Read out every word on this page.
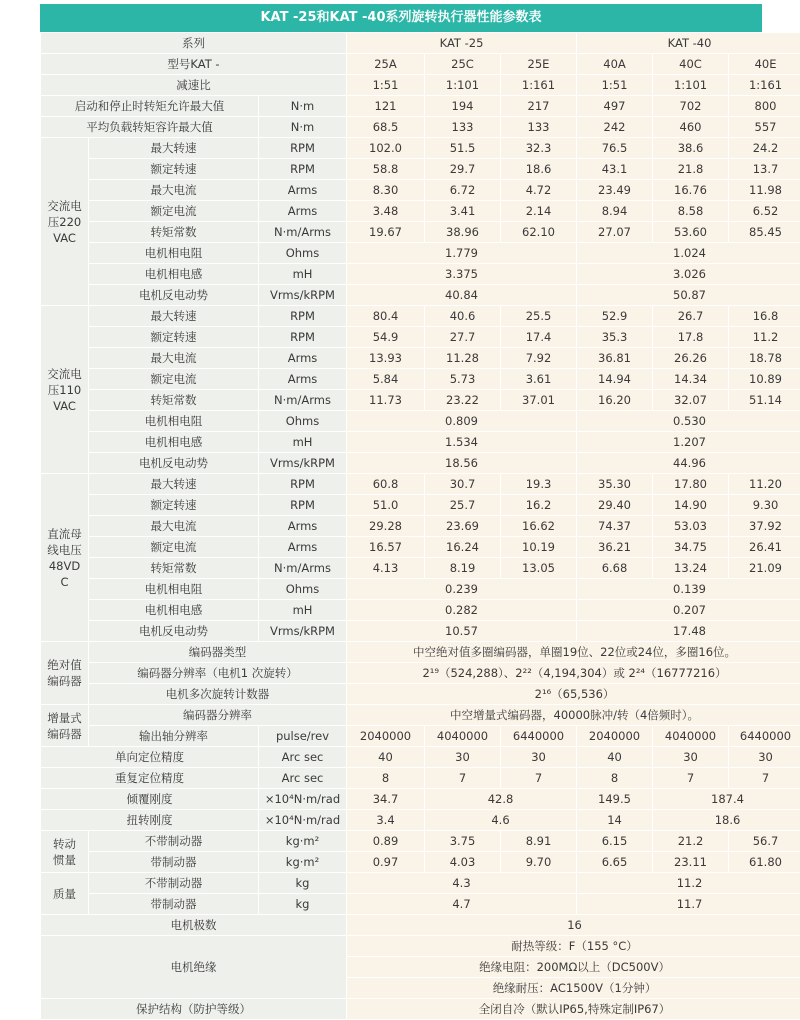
KAT -25和KAT -40系列旋转执行器性能参数表
系列			KAT -25			KAT -40		
型号KAT -			25A	25C	25E	40A	40C	40E
减速比			1:51	1:101	1:161	1:51	1:101	1:161
启动和停止时转矩允许最大值		N·m	121	194	217	497	702	800
平均负载转矩容许最大值		N·m	68.5	133	133	242	460	557
交流电压220VAC	最大转速	RPM	102.0	51.5	32.3	76.5	38.6	24.2
	额定转速	RPM	58.8	29.7	18.6	43.1	21.8	13.7
	最大电流	Arms	8.30	6.72	4.72	23.49	16.76	11.98
	额定电流	Arms	3.48	3.41	2.14	8.94	8.58	6.52
	转矩常数	N·m/Arms	19.67	38.96	62.10	27.07	53.60	85.45
	电机相电阻	Ohms	1.779			1.024		
	电机相电感	mH	3.375			3.026		
	电机反电动势	Vrms/kRPM	40.84			50.87		
交流电压110VAC	最大转速	RPM	80.4	40.6	25.5	52.9	26.7	16.8
	额定转速	RPM	54.9	27.7	17.4	35.3	17.8	11.2
	最大电流	Arms	13.93	11.28	7.92	36.81	26.26	18.78
	额定电流	Arms	5.84	5.73	3.61	14.94	14.34	10.89
	转矩常数	N·m/Arms	11.73	23.22	37.01	16.20	32.07	51.14
	电机相电阻	Ohms	0.809			0.530		
	电机相电感	mH	1.534			1.207		
	电机反电动势	Vrms/kRPM	18.56			44.96		
直流母线电压48VDC	最大转速	RPM	60.8	30.7	19.3	35.30	17.80	11.20
	额定转速	RPM	51.0	25.7	16.2	29.40	14.90	9.30
	最大电流	Arms	29.28	23.69	16.62	74.37	53.03	37.92
	额定电流	Arms	16.57	16.24	10.19	36.21	34.75	26.41
	转矩常数	N·m/Arms	4.13	8.19	13.05	6.68	13.24	21.09
	电机相电阻	Ohms	0.239			0.139		
	电机相电感	mH	0.282			0.207		
	电机反电动势	Vrms/kRPM	10.57			17.48		
绝对值编码器	编码器类型		中空绝对值多圈编码器，单圈19位、22位或24位，多圈16位。					
	编码器分辨率（电机1 次旋转）		2¹⁹（524,288）、2²²（4,194,304）或 2²⁴（16777216）					
	电机多次旋转计数器		2¹⁶（65,536）					
增量式编码器	编码器分辨率		中空增量式编码器，40000脉冲/转（4倍频时）。					
	输出轴分辨率	pulse/rev	2040000	4040000	6440000	2040000	4040000	6440000
单向定位精度		Arc sec	40	30	30	40	30	30
重复定位精度		Arc sec	8	7	7	8	7	7
倾覆刚度		×10⁴N·m/rad	34.7	42.8		149.5	187.4	
扭转刚度		×10⁴N·m/rad	3.4	4.6		14	18.6	
转动惯量	不带制动器	kg·m²	0.89	3.75	8.91	6.15	21.2	56.7
	带制动器	kg·m²	0.97	4.03	9.70	6.65	23.11	61.80
质量	不带制动器	kg	4.3			11.2		
	带制动器	kg	4.7			11.7		
电机极数			16					
电机绝缘			耐热等级：F（155 °C）					
			绝缘电阻：200MΩ以上（DC500V）					
			绝缘耐压：AC1500V（1分钟）					
保护结构（防护等级）			全闭自冷（默认IP65,特殊定制IP67）					
